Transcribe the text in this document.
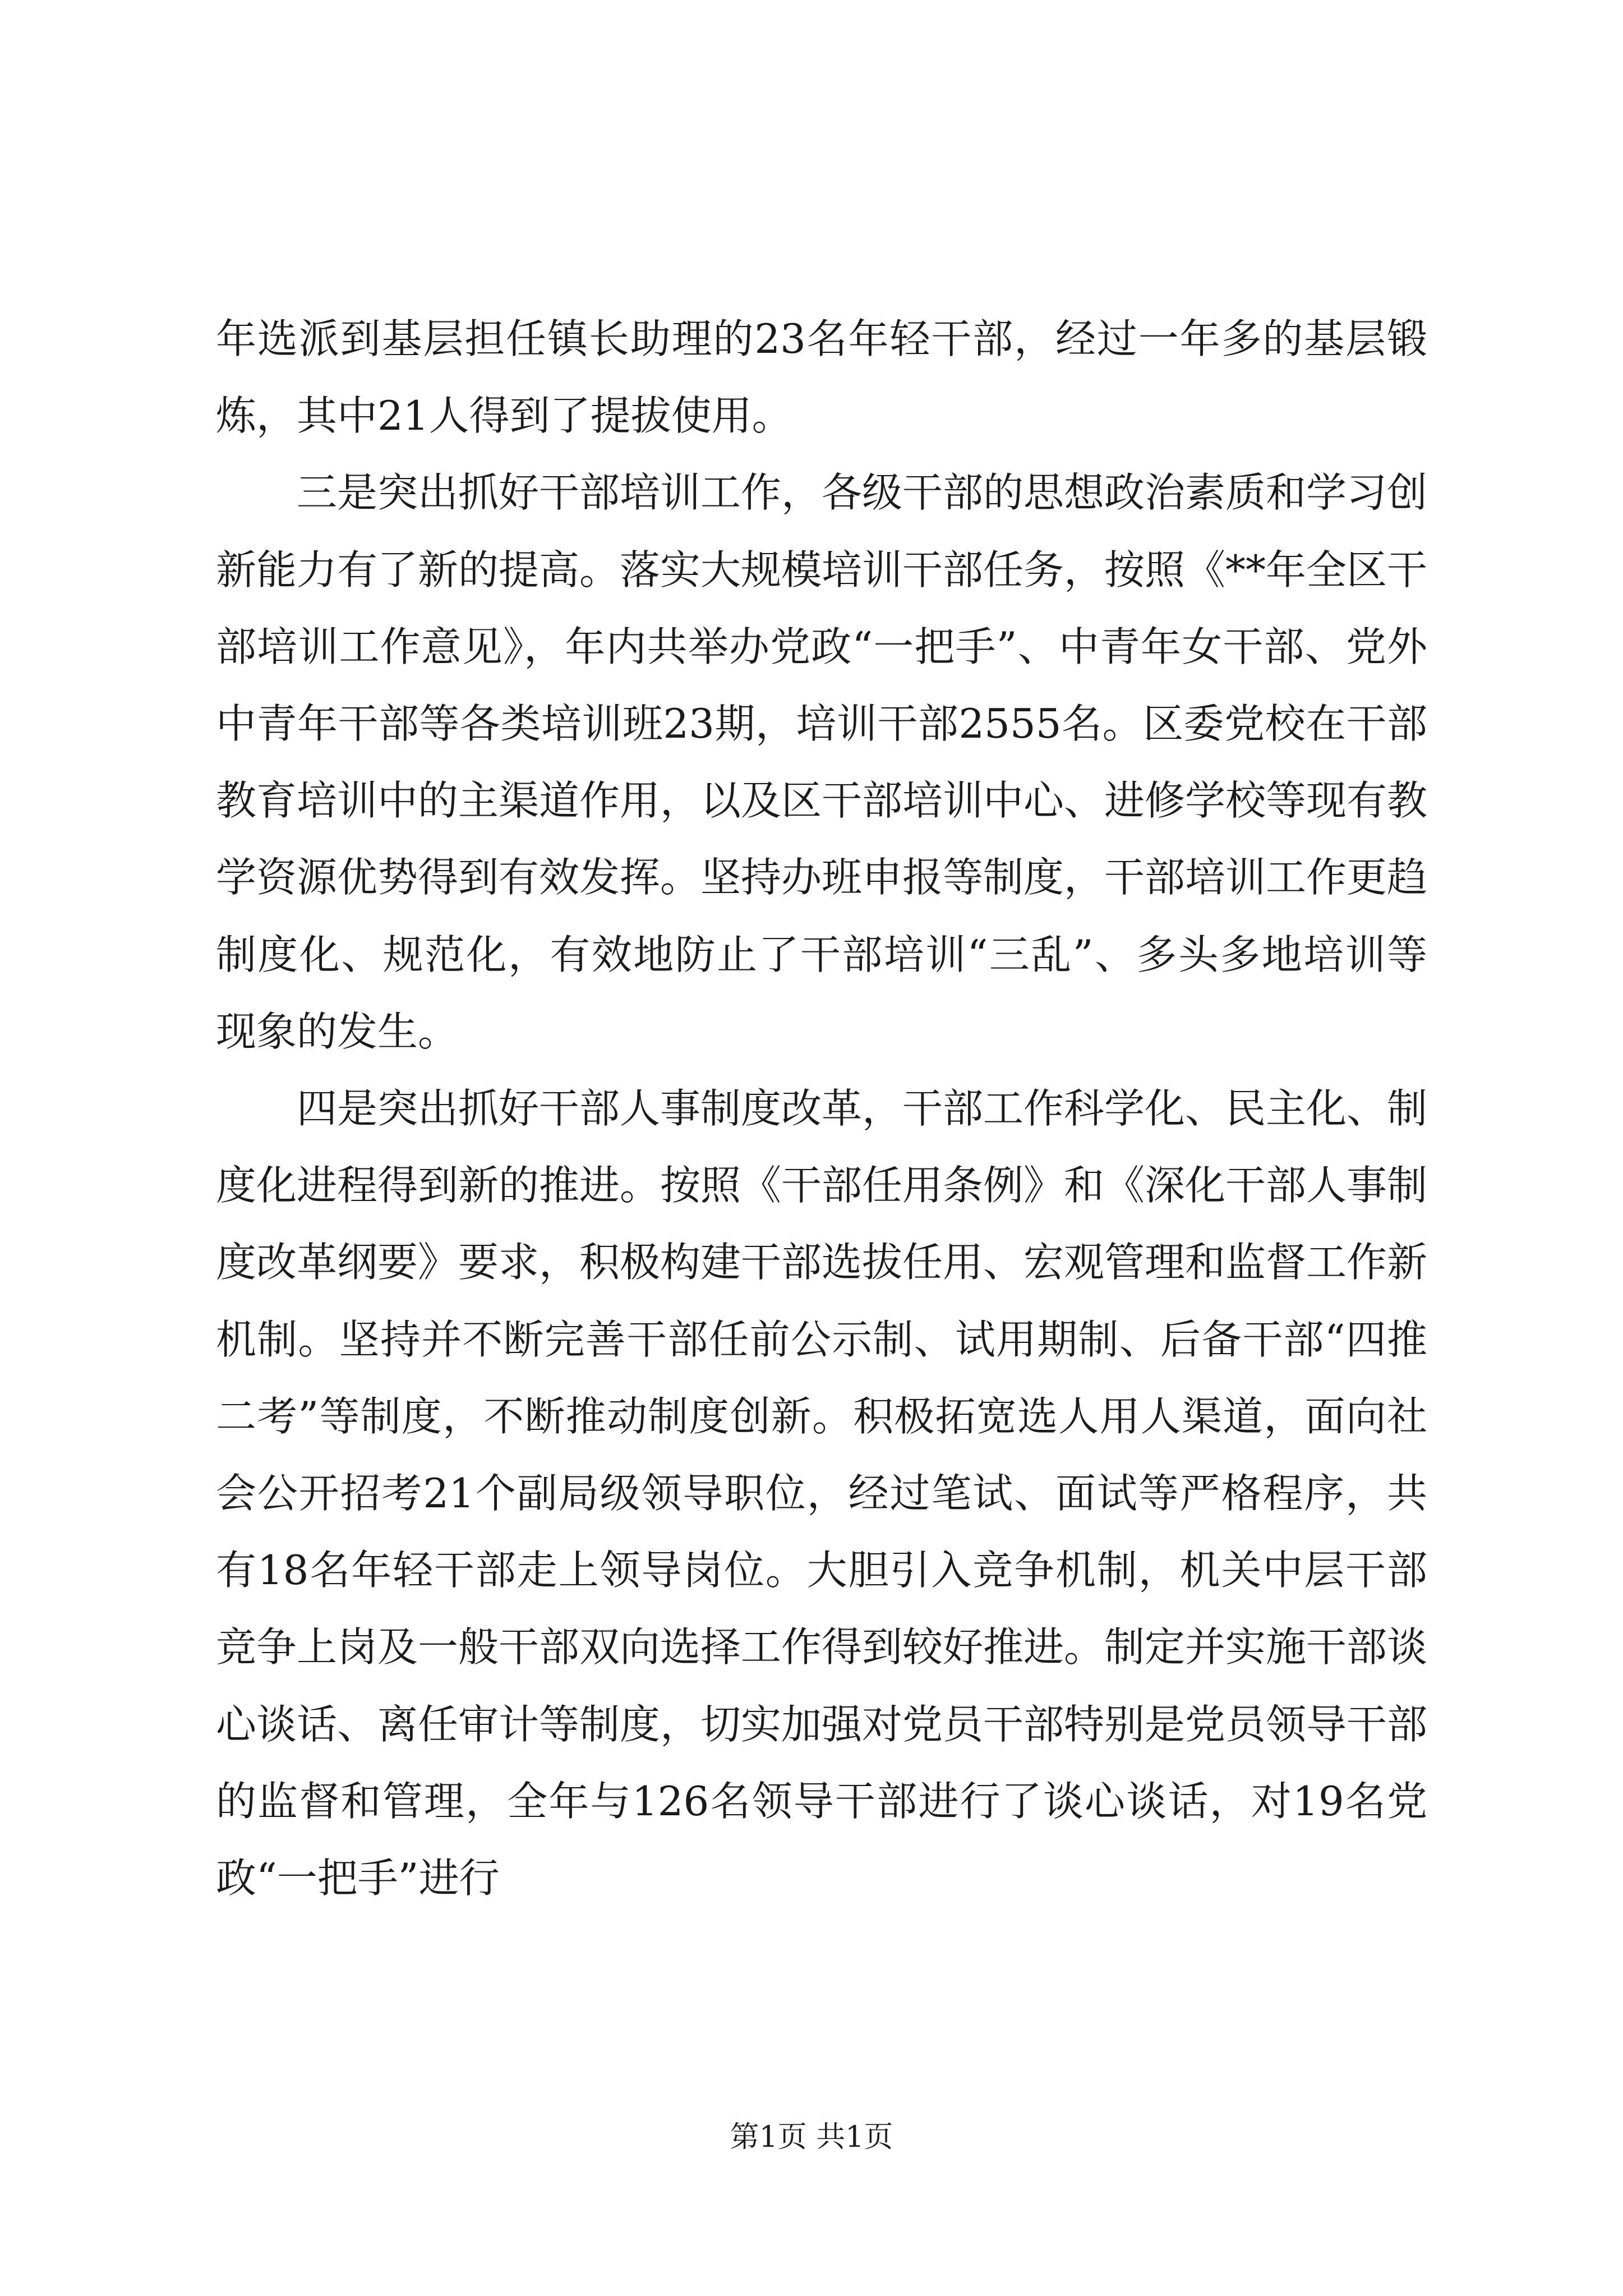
年选派到基层担任镇长助理的23名年轻干部，经过一年多的基层锻炼，其中21人得到了提拔使用。

三是突出抓好干部培训工作，各级干部的思想政治素质和学习创新能力有了新的提高。落实大规模培训干部任务，按照《**年全区干部培训工作意见》，年内共举办党政“一把手”、中青年女干部、党外中青年干部等各类培训班23期，培训干部2555名。区委党校在干部教育培训中的主渠道作用，以及区干部培训中心、进修学校等现有教学资源优势得到有效发挥。坚持办班申报等制度，干部培训工作更趋制度化、规范化，有效地防止了干部培训“三乱”、多头多地培训等现象的发生。

四是突出抓好干部人事制度改革，干部工作科学化、民主化、制度化进程得到新的推进。按照《干部任用条例》和《深化干部人事制度改革纲要》要求，积极构建干部选拔任用、宏观管理和监督工作新机制。坚持并不断完善干部任前公示制、试用期制、后备干部“四推二考”等制度，不断推动制度创新。积极拓宽选人用人渠道，面向社会公开招考21个副局级领导职位，经过笔试、面试等严格程序，共有18名年轻干部走上领导岗位。大胆引入竞争机制，机关中层干部竞争上岗及一般干部双向选择工作得到较好推进。制定并实施干部谈心谈话、离任审计等制度，切实加强对党员干部特别是党员领导干部的监督和管理，全年与126名领导干部进行了谈心谈话，对19名党政“一把手”进行

第1页 共1页
